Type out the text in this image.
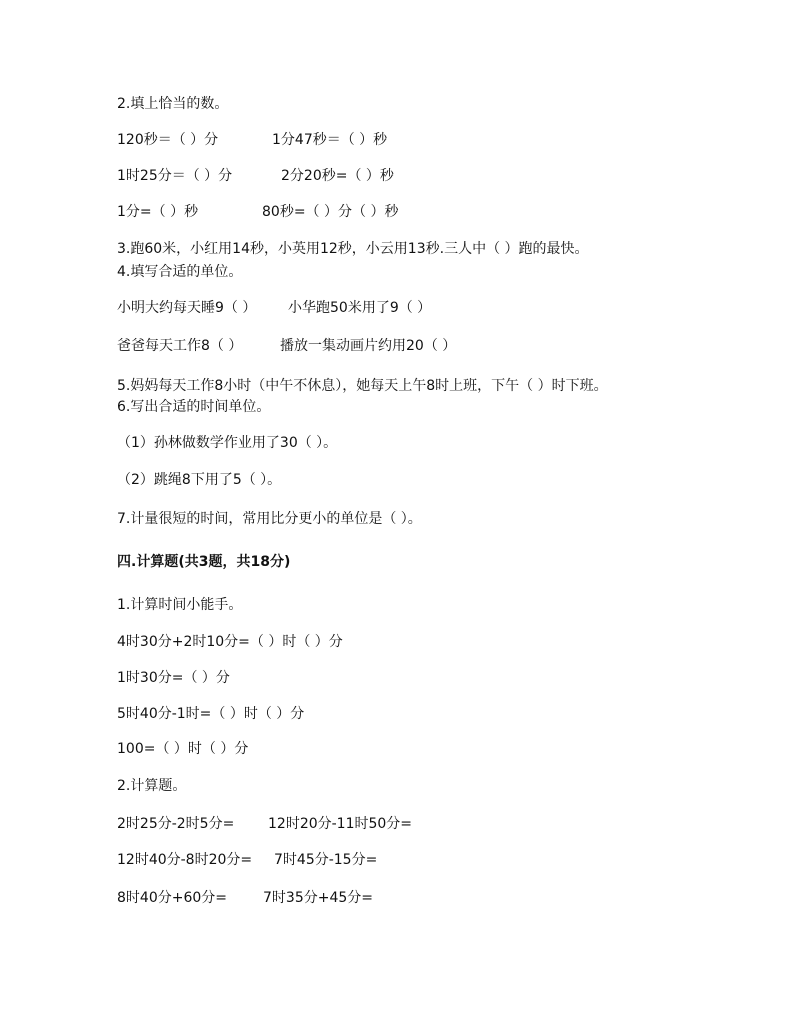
2.填上恰当的数。
120秒＝（ ）分	1分47秒＝（ ）秒
1时25分＝（ ）分	2分20秒=（ ）秒
1分=（ ）秒	80秒=（ ）分（ ）秒
3.跑60米，小红用14秒，小英用12秒，小云用13秒.三人中（ ）跑的最快。
4.填写合适的单位。
小明大约每天睡9（ ） 小华跑50米用了9（ ）
爸爸每天工作8（ ）	播放一集动画片约用20（ ）
5.妈妈每天工作8小时（中午不休息），她每天上午8时上班，下午（ ）时下班。
6.写出合适的时间单位。
（1）孙林做数学作业用了30（ ）。
（2）跳绳8下用了5（ ）。
7.计量很短的时间，常用比分更小的单位是（ ）。
四.计算题(共3题，共18分)
1.计算时间小能手。
4时30分+2时10分=（ ）时（ ）分
1时30分=（ ）分
5时40分-1时=（ ）时（ ）分
100=（ ）时（ ）分
2.计算题。
2时25分-2时5分= 12时20分-11时50分=
12时40分-8时20分= 7时45分-15分=
8时40分+60分=	7时35分+45分=
